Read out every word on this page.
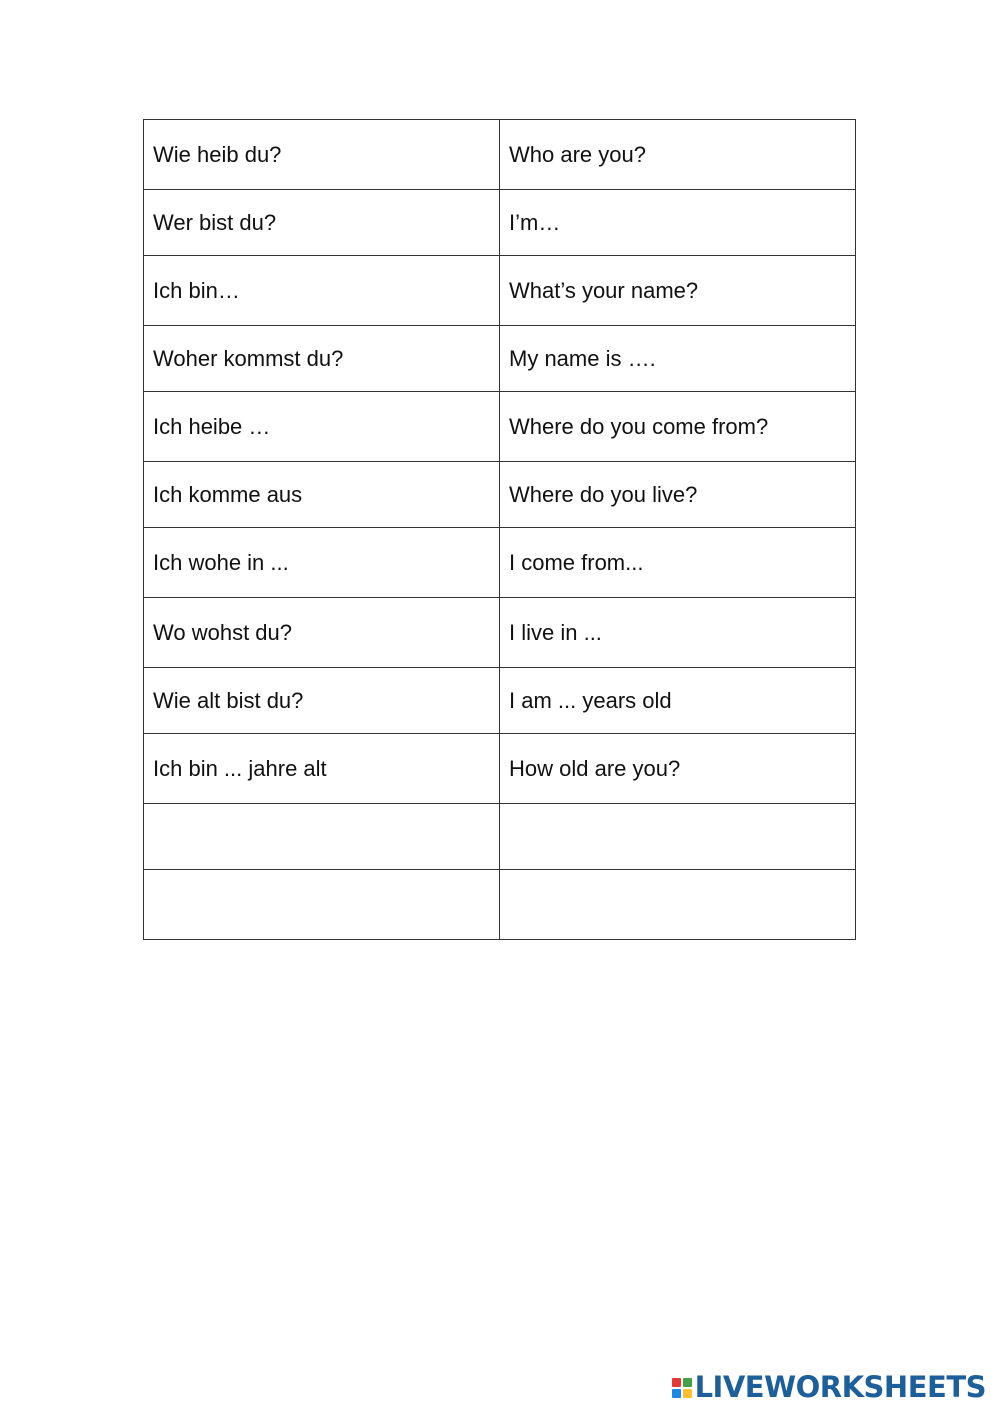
Wie heib du?	Who are you?
Wer bist du?	I’m…
Ich bin…	What’s your name?
Woher kommst du?	My name is ….
Ich heibe …	Where do you come from?
Ich komme aus	Where do you live?
Ich wohe in ...	I come from...
Wo wohst du?	I live in ...
Wie alt bist du?	I am ... years old
Ich bin ... jahre alt	How old are you?

LIVEWORKSHEETS
